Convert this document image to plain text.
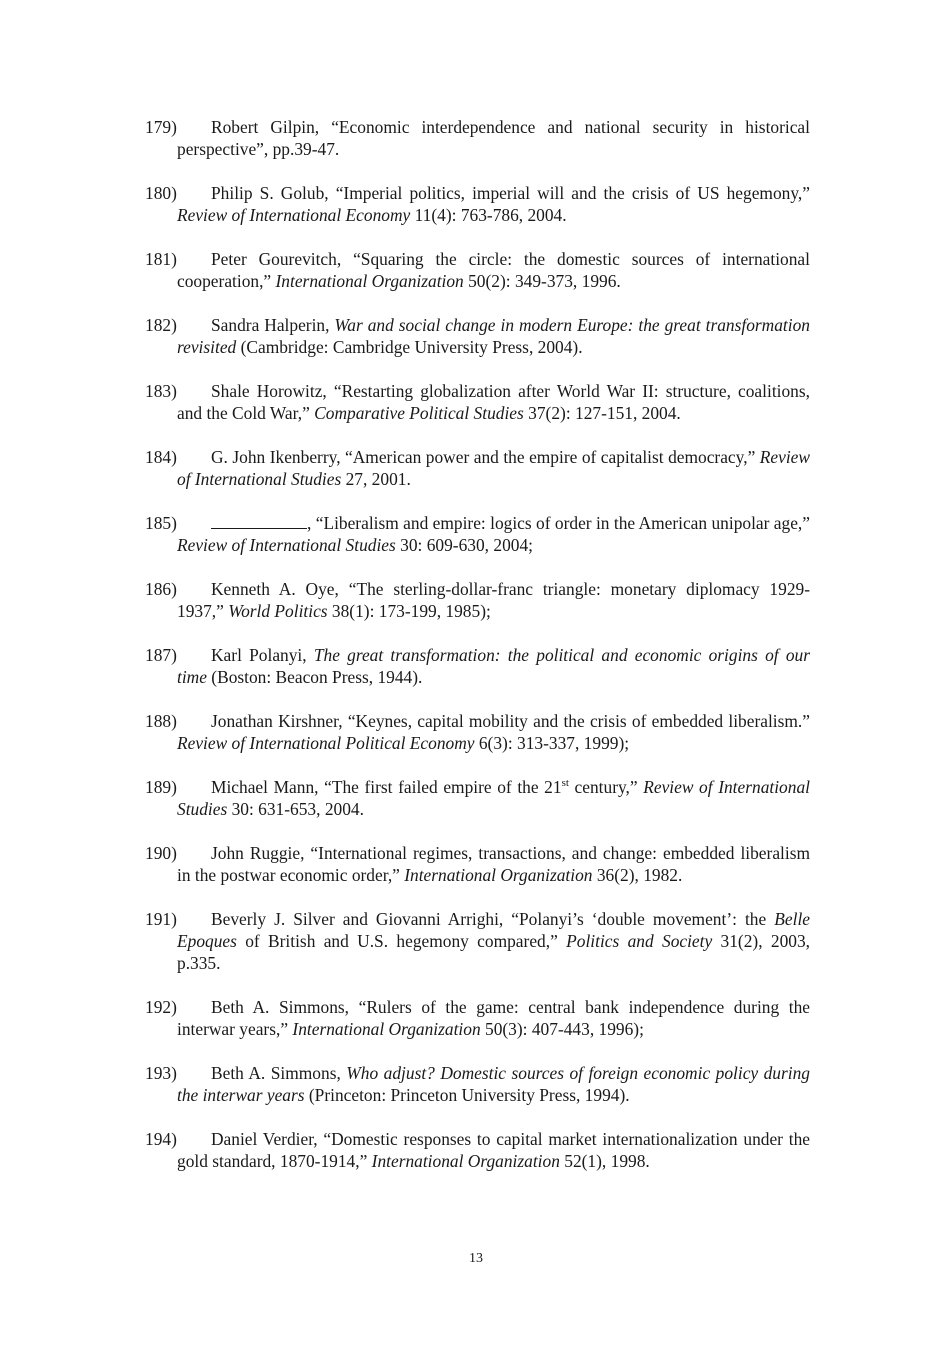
179) Robert Gilpin, “Economic interdependence and national security in historical perspective”, pp.39-47.

180) Philip S. Golub, “Imperial politics, imperial will and the crisis of US hegemony,” Review of International Economy 11(4): 763-786, 2004.

181) Peter Gourevitch, “Squaring the circle: the domestic sources of international cooperation,” International Organization 50(2): 349-373, 1996.

182) Sandra Halperin, War and social change in modern Europe: the great transformation revisited (Cambridge: Cambridge University Press, 2004).

183) Shale Horowitz, “Restarting globalization after World War II: structure, coalitions, and the Cold War,” Comparative Political Studies 37(2): 127-151, 2004.

184) G. John Ikenberry, “American power and the empire of capitalist democracy,” Review of International Studies 27, 2001.

185)	, “Liberalism and empire: logics of order in the American unipolar age,” Review of International Studies 30: 609-630, 2004;

186) Kenneth A. Oye, “The sterling-dollar-franc triangle: monetary diplomacy 1929-1937,” World Politics 38(1): 173-199, 1985);

187) Karl Polanyi, The great transformation: the political and economic origins of our time (Boston: Beacon Press, 1944).

188) Jonathan Kirshner, “Keynes, capital mobility and the crisis of embedded liberalism.” Review of International Political Economy 6(3): 313-337, 1999);

189) Michael Mann, “The first failed empire of the 21st century,” Review of International Studies 30: 631-653, 2004.

190) John Ruggie, “International regimes, transactions, and change: embedded liberalism in the postwar economic order,” International Organization 36(2), 1982.

191) Beverly J. Silver and Giovanni Arrighi, “Polanyi’s ‘double movement’: the Belle Epoques of British and U.S. hegemony compared,” Politics and Society 31(2), 2003, p.335.

192) Beth A. Simmons, “Rulers of the game: central bank independence during the interwar years,” International Organization 50(3): 407-443, 1996);

193) Beth A. Simmons, Who adjust? Domestic sources of foreign economic policy during the interwar years (Princeton: Princeton University Press, 1994).

194) Daniel Verdier, “Domestic responses to capital market internationalization under the gold standard, 1870-1914,” International Organization 52(1), 1998.

13
